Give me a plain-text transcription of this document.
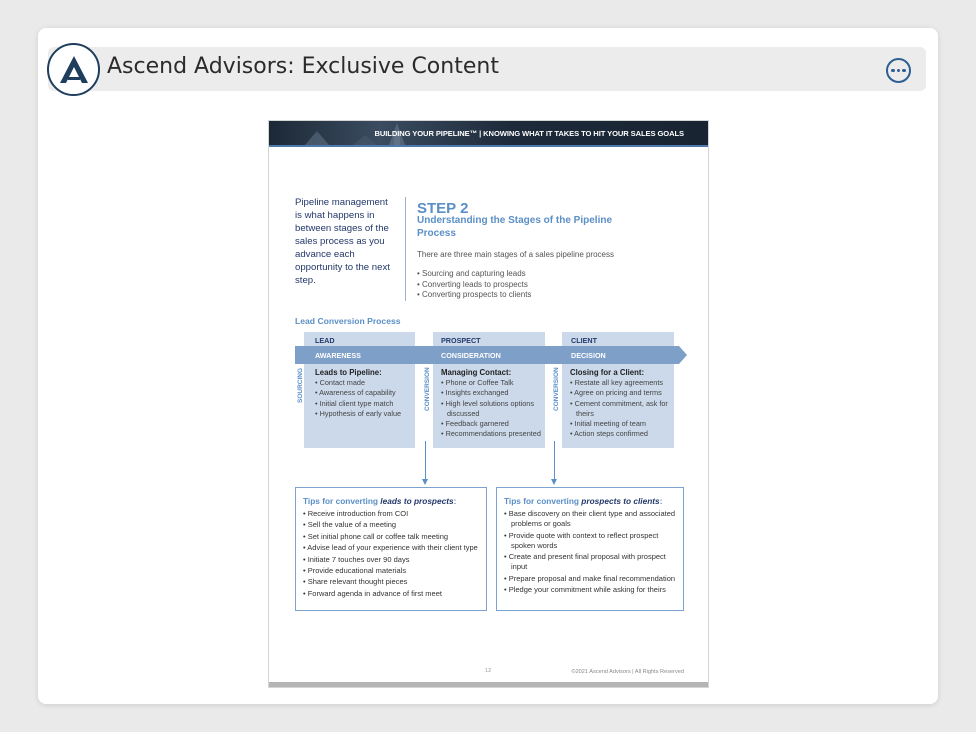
Ascend Advisors: Exclusive Content
BUILDING YOUR PIPELINE™ | KNOWING WHAT IT TAKES TO HIT YOUR SALES GOALS
Pipeline management is what happens in between stages of the sales process as you advance each opportunity to the next step.
STEP 2
Understanding the Stages of the Pipeline Process
There are three main stages of a sales pipeline process
• Sourcing and capturing leads
• Converting leads to prospects
• Converting prospects to clients
Lead Conversion Process
LEAD	PROSPECT	CLIENT
AWARENESS	CONSIDERATION	DECISION
SOURCING	CONVERSION	CONVERSION
Leads to Pipeline:
• Contact made
• Awareness of capability
• Initial client type match
• Hypothesis of early value
Managing Contact:
• Phone or Coffee Talk
• Insights exchanged
• High level solutions options discussed
• Feedback garnered
• Recommendations presented
Closing for a Client:
• Restate all key agreements
• Agree on pricing and terms
• Cement commitment, ask for theirs
• Initial meeting of team
• Action steps confirmed
Tips for converting leads to prospects:
• Receive introduction from COI
• Sell the value of a meeting
• Set initial phone call or coffee talk meeting
• Advise lead of your experience with their client type
• Initiate 7 touches over 90 days
• Provide educational materials
• Share relevant thought pieces
• Forward agenda in advance of first meet
Tips for converting prospects to clients:
• Base discovery on their client type and associated problems or goals
• Provide quote with context to reflect prospect spoken words
• Create and present final proposal with prospect input
• Prepare proposal and make final recommendation
• Pledge your commitment while asking for theirs
12	©2021 Ascend Advisors | All Rights Reserved
